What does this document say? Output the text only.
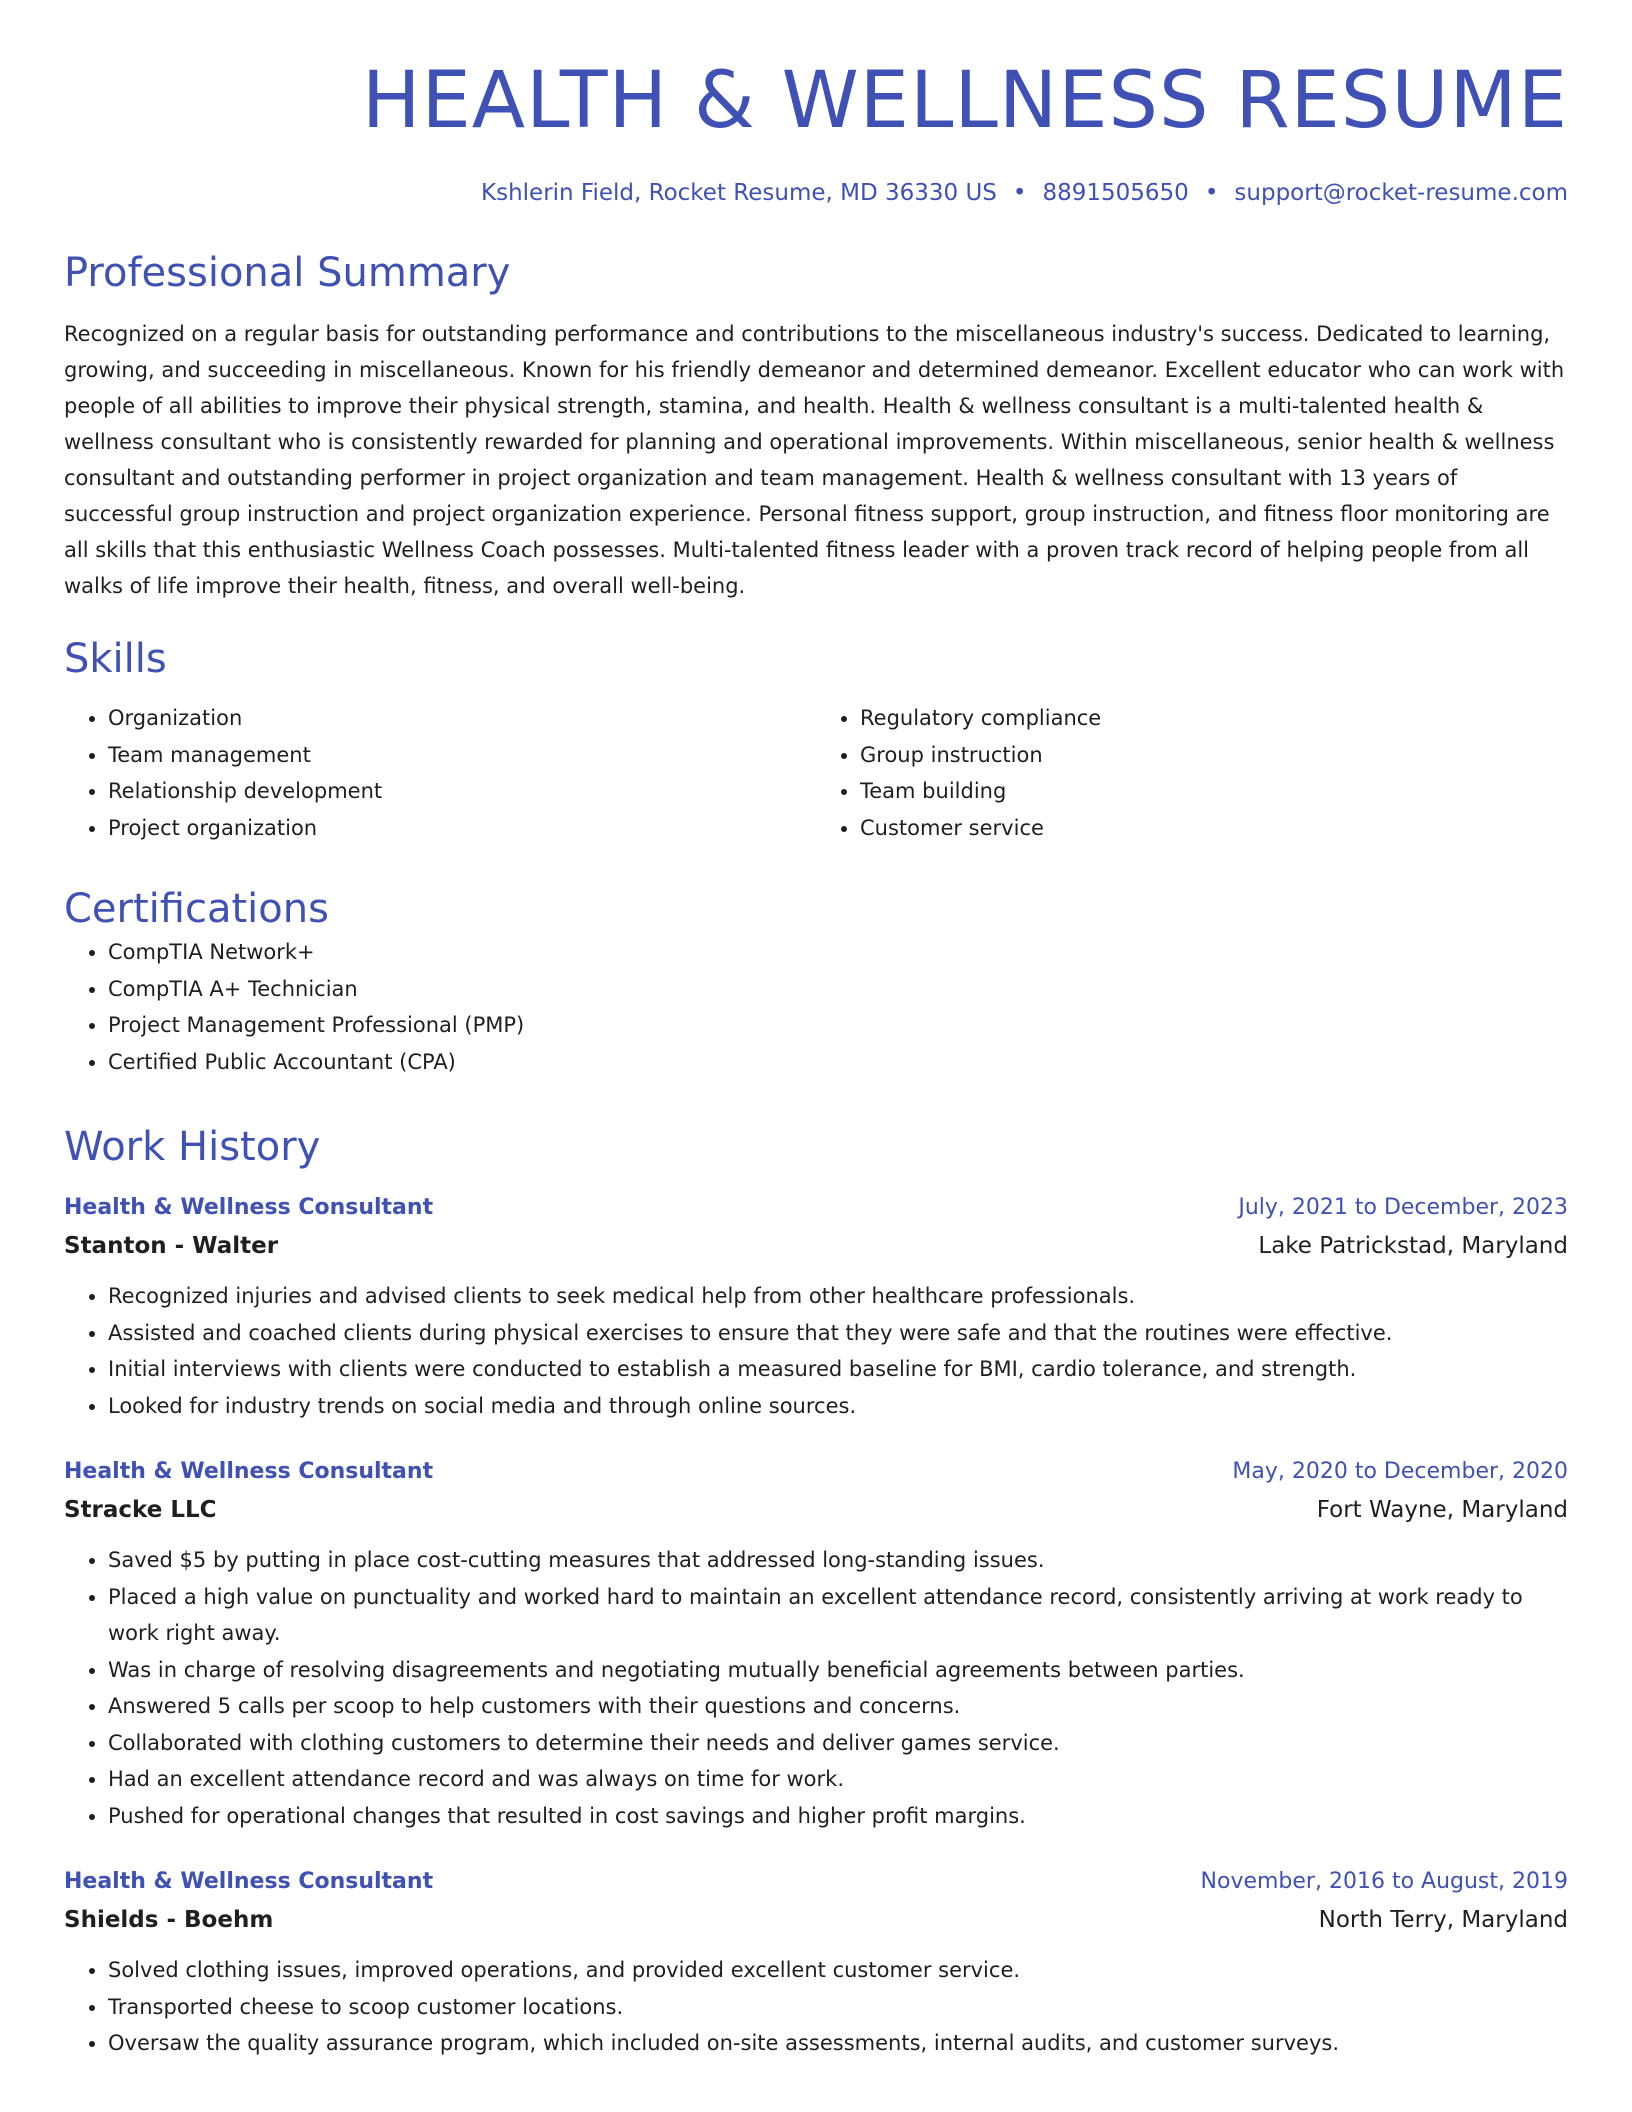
HEALTH & WELLNESS RESUME
Kshlerin Field, Rocket Resume, MD 36330 US • 8891505650 • support@rocket-resume.com
Professional Summary
Recognized on a regular basis for outstanding performance and contributions to the miscellaneous industry's success. Dedicated to learning, growing, and succeeding in miscellaneous. Known for his friendly demeanor and determined demeanor. Excellent educator who can work with people of all abilities to improve their physical strength, stamina, and health. Health & wellness consultant is a multi-talented health & wellness consultant who is consistently rewarded for planning and operational improvements. Within miscellaneous, senior health & wellness consultant and outstanding performer in project organization and team management. Health & wellness consultant with 13 years of successful group instruction and project organization experience. Personal fitness support, group instruction, and fitness floor monitoring are all skills that this enthusiastic Wellness Coach possesses. Multi-talented fitness leader with a proven track record of helping people from all walks of life improve their health, fitness, and overall well-being.
Skills
• Organization
• Team management
• Relationship development
• Project organization
• Regulatory compliance
• Group instruction
• Team building
• Customer service
Certifications
• CompTIA Network+
• CompTIA A+ Technician
• Project Management Professional (PMP)
• Certified Public Accountant (CPA)
Work History
Health & Wellness Consultant	July, 2021 to December, 2023
Stanton - Walter	Lake Patrickstad, Maryland
• Recognized injuries and advised clients to seek medical help from other healthcare professionals.
• Assisted and coached clients during physical exercises to ensure that they were safe and that the routines were effective.
• Initial interviews with clients were conducted to establish a measured baseline for BMI, cardio tolerance, and strength.
• Looked for industry trends on social media and through online sources.
Health & Wellness Consultant	May, 2020 to December, 2020
Stracke LLC	Fort Wayne, Maryland
• Saved $5 by putting in place cost-cutting measures that addressed long-standing issues.
• Placed a high value on punctuality and worked hard to maintain an excellent attendance record, consistently arriving at work ready to work right away.
• Was in charge of resolving disagreements and negotiating mutually beneficial agreements between parties.
• Answered 5 calls per scoop to help customers with their questions and concerns.
• Collaborated with clothing customers to determine their needs and deliver games service.
• Had an excellent attendance record and was always on time for work.
• Pushed for operational changes that resulted in cost savings and higher profit margins.
Health & Wellness Consultant	November, 2016 to August, 2019
Shields - Boehm	North Terry, Maryland
• Solved clothing issues, improved operations, and provided excellent customer service.
• Transported cheese to scoop customer locations.
• Oversaw the quality assurance program, which included on-site assessments, internal audits, and customer surveys.
